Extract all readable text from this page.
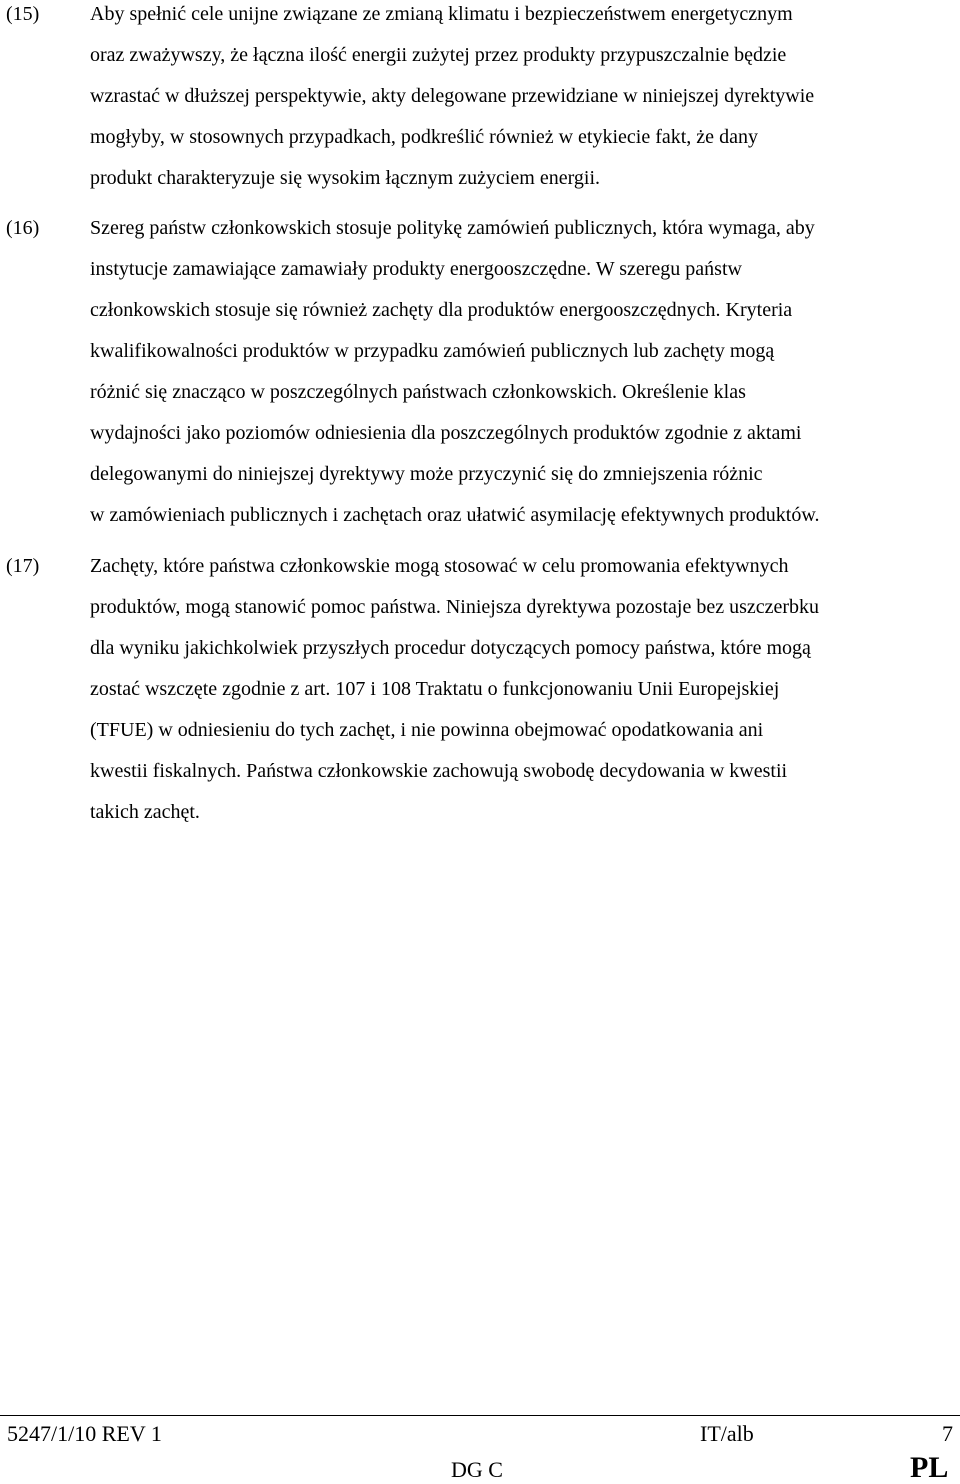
(15)	Aby spełnić cele unijne związane ze zmianą klimatu i bezpieczeństwem energetycznym
oraz zważywszy, że łączna ilość energii zużytej przez produkty przypuszczalnie będzie
wzrastać w dłuższej perspektywie, akty delegowane przewidziane w niniejszej dyrektywie
mogłyby, w stosownych przypadkach, podkreślić również w etykiecie fakt, że dany
produkt charakteryzuje się wysokim łącznym zużyciem energii.
(16)	Szereg państw członkowskich stosuje politykę zamówień publicznych, która wymaga, aby
instytucje zamawiające zamawiały produkty energooszczędne. W szeregu państw
członkowskich stosuje się również zachęty dla produktów energooszczędnych. Kryteria
kwalifikowalności produktów w przypadku zamówień publicznych lub zachęty mogą
różnić się znacząco w poszczególnych państwach członkowskich. Określenie klas
wydajności jako poziomów odniesienia dla poszczególnych produktów zgodnie z aktami
delegowanymi do niniejszej dyrektywy może przyczynić się do zmniejszenia różnic
w zamówieniach publicznych i zachętach oraz ułatwić asymilację efektywnych produktów.
(17)	Zachęty, które państwa członkowskie mogą stosować w celu promowania efektywnych
produktów, mogą stanowić pomoc państwa. Niniejsza dyrektywa pozostaje bez uszczerbku
dla wyniku jakichkolwiek przyszłych procedur dotyczących pomocy państwa, które mogą
zostać wszczęte zgodnie z art. 107 i 108 Traktatu o funkcjonowaniu Unii Europejskiej
(TFUE) w odniesieniu do tych zachęt, i nie powinna obejmować opodatkowania ani
kwestii fiskalnych. Państwa członkowskie zachowują swobodę decydowania w kwestii
takich zachęt.
5247/1/10 REV 1	IT/alb	7
DG C	PL
